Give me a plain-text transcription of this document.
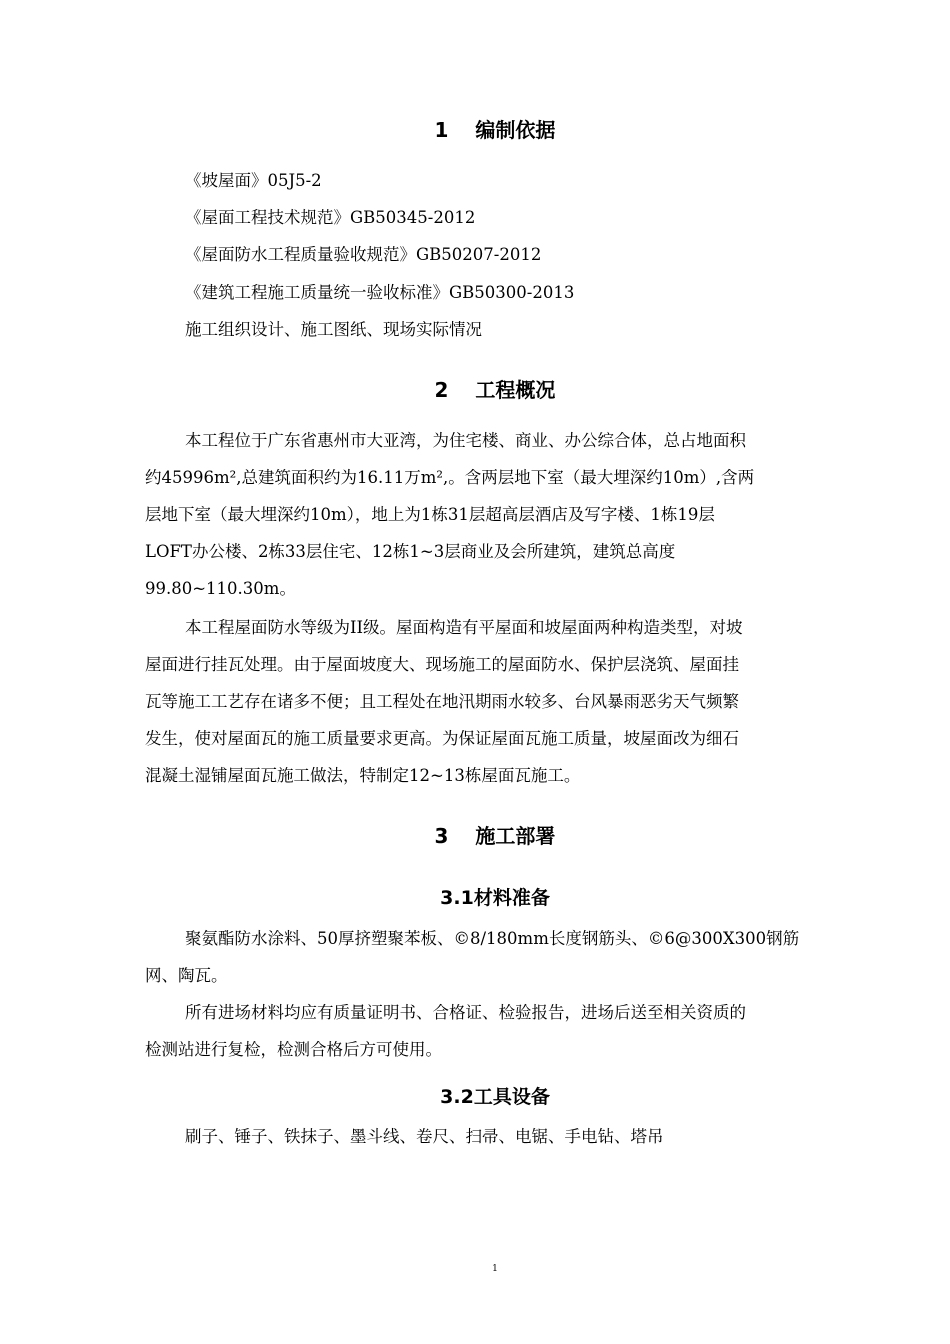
1　 编制依据
《坡屋面》05J5-2
《屋面工程技术规范》GB50345-2012
《屋面防水工程质量验收规范》GB50207-2012
《建筑工程施工质量统一验收标准》GB50300-2013
施工组织设计、施工图纸、现场实际情况
2　 工程概况
本工程位于广东省惠州市大亚湾，为住宅楼、商业、办公综合体，总占地面积
约45996m²,总建筑面积约为16.11万m²,。含两层地下室（最大埋深约10m）,含两
层地下室（最大埋深约10m），地上为1栋31层超高层酒店及写字楼、1栋19层
LOFT办公楼、2栋33层住宅、12栋1~3层商业及会所建筑，建筑总高度
99.80~110.30m。
本工程屋面防水等级为II级。屋面构造有平屋面和坡屋面两种构造类型，对坡
屋面进行挂瓦处理。由于屋面坡度大、现场施工的屋面防水、保护层浇筑、屋面挂
瓦等施工工艺存在诸多不便；且工程处在地汛期雨水较多、台风暴雨恶劣天气频繁
发生，使对屋面瓦的施工质量要求更高。为保证屋面瓦施工质量，坡屋面改为细石
混凝土湿铺屋面瓦施工做法，特制定12~13栋屋面瓦施工。
3　 施工部署
3.1材料准备
聚氨酯防水涂料、50厚挤塑聚苯板、©8/180mm长度钢筋头、©6@300X300钢筋
网、陶瓦。
所有进场材料均应有质量证明书、合格证、检验报告，进场后送至相关资质的
检测站进行复检，检测合格后方可使用。
3.2工具设备
刷子、锤子、铁抹子、墨斗线、卷尺、扫帚、电锯、手电钻、塔吊
1
